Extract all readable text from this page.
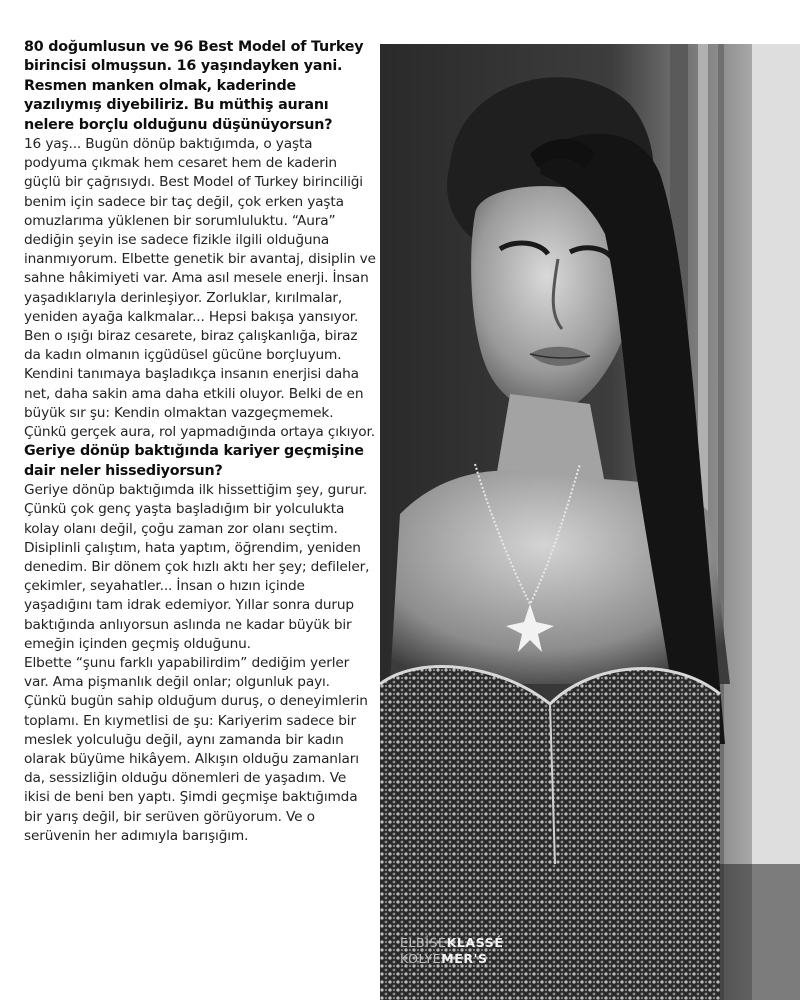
80 doğumlusun ve 96 Best Model of Turkey birincisi olmuşsun. 16 yaşındayken yani. Resmen manken olmak, kaderinde yazılıymış diyebiliriz. Bu müthiş auranı nelere borçlu olduğunu düşünüyorsun?

16 yaş... Bugün dönüp baktığımda, o yaşta podyuma çıkmak hem cesaret hem de kaderin güçlü bir çağrısıydı. Best Model of Turkey birinciliği benim için sadece bir taç değil, çok erken yaşta omuzlarıma yüklenen bir sorumluluktu. “Aura” dediğin şeyin ise sadece fizikle ilgili olduğuna inanmıyorum. Elbette genetik bir avantaj, disiplin ve sahne hâkimiyeti var. Ama asıl mesele enerji. İnsan yaşadıklarıyla derinleşiyor. Zorluklar, kırılmalar, yeniden ayağa kalkmalar... Hepsi bakışa yansıyor. Ben o ışığı biraz cesarete, biraz çalışkanlığa, biraz da kadın olmanın içgüdüsel gücüne borçluyum. Kendini tanımaya başladıkça insanın enerjisi daha net, daha sakin ama daha etkili oluyor. Belki de en büyük sır şu: Kendin olmaktan vazgeçmemek. Çünkü gerçek aura, rol yapmadığında ortaya çıkıyor.

Geriye dönüp baktığında kariyer geçmişine dair neler hissediyorsun?

Geriye dönüp baktığımda ilk hissettiğim şey, gurur. Çünkü çok genç yaşta başladığım bir yolculukta kolay olanı değil, çoğu zaman zor olanı seçtim. Disiplinli çalıştım, hata yaptım, öğrendim, yeniden denedim. Bir dönem çok hızlı aktı her şey; defileler, çekimler, seyahatler... İnsan o hızın içinde yaşadığını tam idrak edemiyor. Yıllar sonra durup baktığında anlıyorsun aslında ne kadar büyük bir emeğin içinden geçmiş olduğunu.

Elbette “şunu farklı yapabilirdim” dediğim yerler var. Ama pişmanlık değil onlar; olgunluk payı. Çünkü bugün sahip olduğum duruş, o deneyimlerin toplamı. En kıymetlisi de şu: Kariyerim sadece bir meslek yolculuğu değil, aynı zamanda bir kadın olarak büyüme hikâyem. Alkışın olduğu zamanları da, sessizliğin olduğu dönemleri de yaşadım. Ve ikisi de beni ben yaptı. Şimdi geçmişe baktığımda bir yarış değil, bir serüven görüyorum. Ve o serüvenin her adımıyla barışığım.

ELBİSEKLASSÉ
KOLYEMER'S
